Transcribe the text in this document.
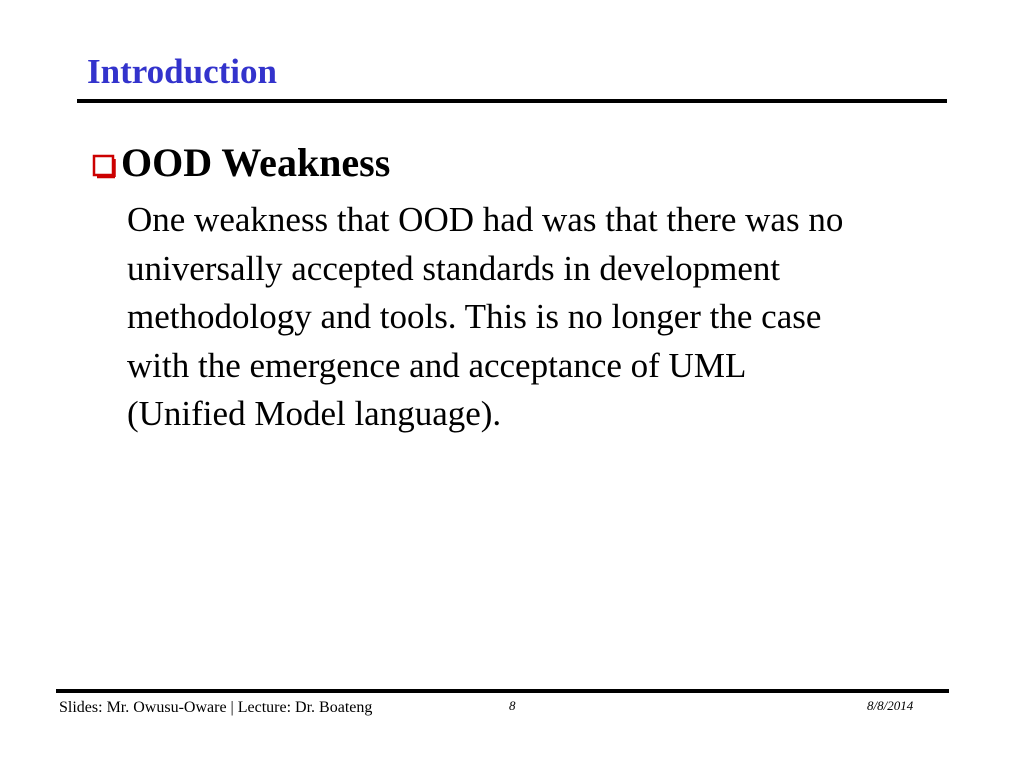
Introduction
OOD Weakness
One weakness that OOD had was that there was no
universally accepted standards in development
methodology and tools. This is no longer the case
with the emergence and acceptance of UML
(Unified Model language).
Slides: Mr. Owusu-Oware | Lecture: Dr. Boateng	8	8/8/2014
